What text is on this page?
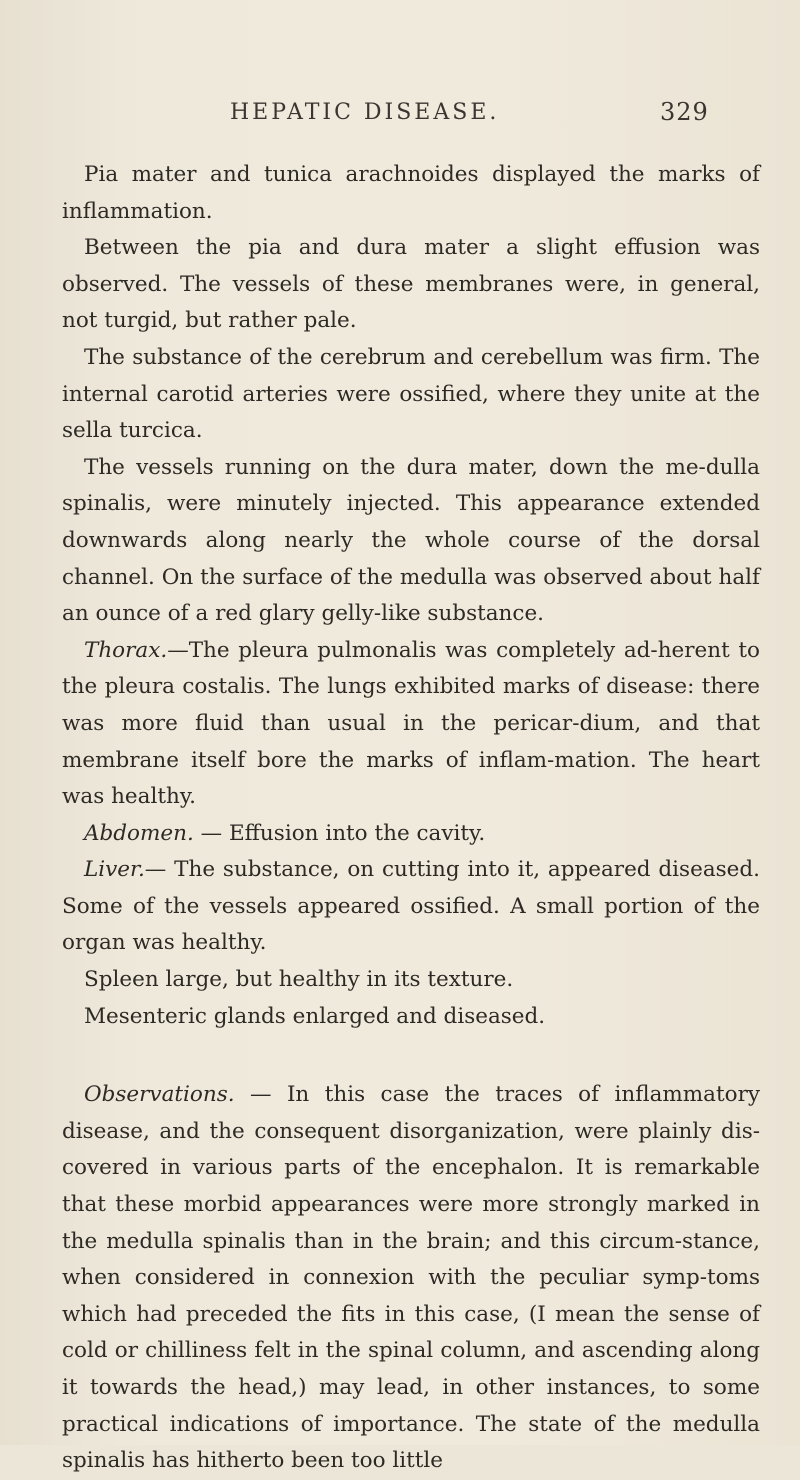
HEPATIC DISEASE.	329

Pia mater and tunica arachnoides displayed the marks of inflammation.

Between the pia and dura mater a slight effusion was observed. The vessels of these membranes were, in general, not turgid, but rather pale.

The substance of the cerebrum and cerebellum was firm. The internal carotid arteries were ossified, where they unite at the sella turcica.

The vessels running on the dura mater, down the me-dulla spinalis, were minutely injected. This appearance extended downwards along nearly the whole course of the dorsal channel. On the surface of the medulla was observed about half an ounce of a red glary gelly-like substance.

Thorax.—The pleura pulmonalis was completely ad-herent to the pleura costalis. The lungs exhibited marks of disease: there was more fluid than usual in the pericar-dium, and that membrane itself bore the marks of inflam-mation. The heart was healthy.

Abdomen. — Effusion into the cavity.

Liver.— The substance, on cutting into it, appeared diseased. Some of the vessels appeared ossified. A small portion of the organ was healthy.

Spleen large, but healthy in its texture.

Mesenteric glands enlarged and diseased.

Observations. — In this case the traces of inflammatory disease, and the consequent disorganization, were plainly dis-covered in various parts of the encephalon. It is remarkable that these morbid appearances were more strongly marked in the medulla spinalis than in the brain; and this circum-stance, when considered in connexion with the peculiar symp-toms which had preceded the fits in this case, (I mean the sense of cold or chilliness felt in the spinal column, and ascending along it towards the head,) may lead, in other instances, to some practical indications of importance. The state of the medulla spinalis has hitherto been too little
